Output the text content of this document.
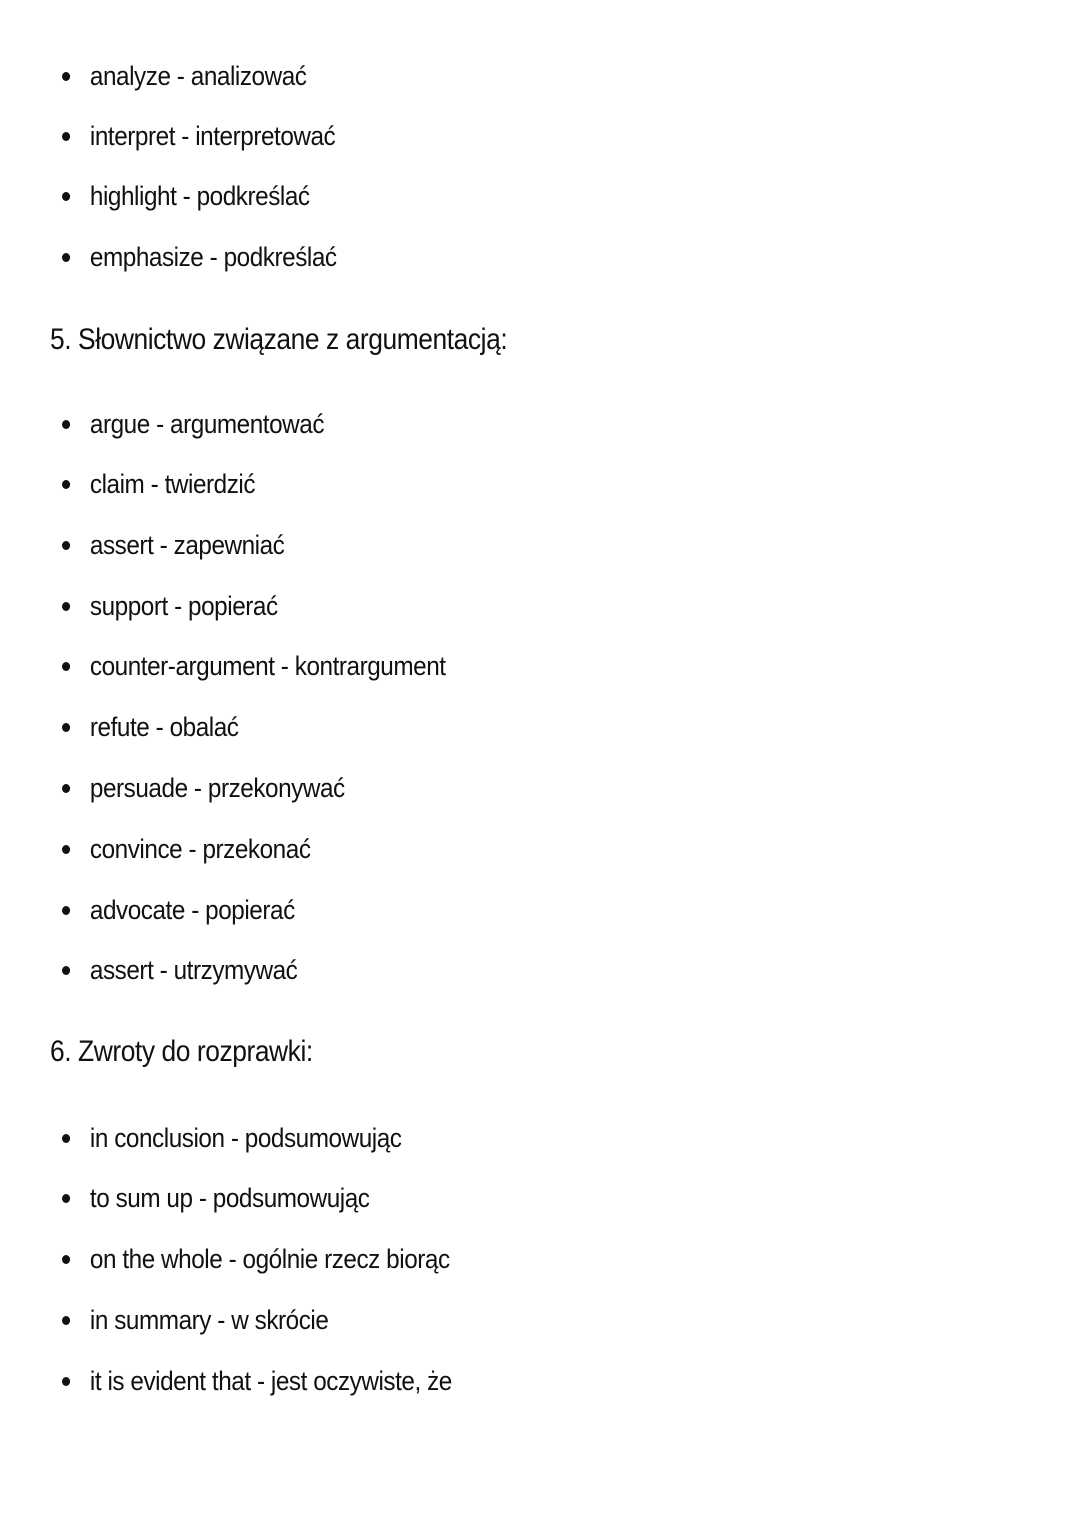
analyze - analizować
interpret - interpretować
highlight - podkreślać
emphasize - podkreślać
5. Słownictwo związane z argumentacją:
argue - argumentować
claim - twierdzić
assert - zapewniać
support - popierać
counter-argument - kontrargument
refute - obalać
persuade - przekonywać
convince - przekonać
advocate - popierać
assert - utrzymywać
6. Zwroty do rozprawki:
in conclusion - podsumowując
to sum up - podsumowując
on the whole - ogólnie rzecz biorąc
in summary - w skrócie
it is evident that - jest oczywiste, że
